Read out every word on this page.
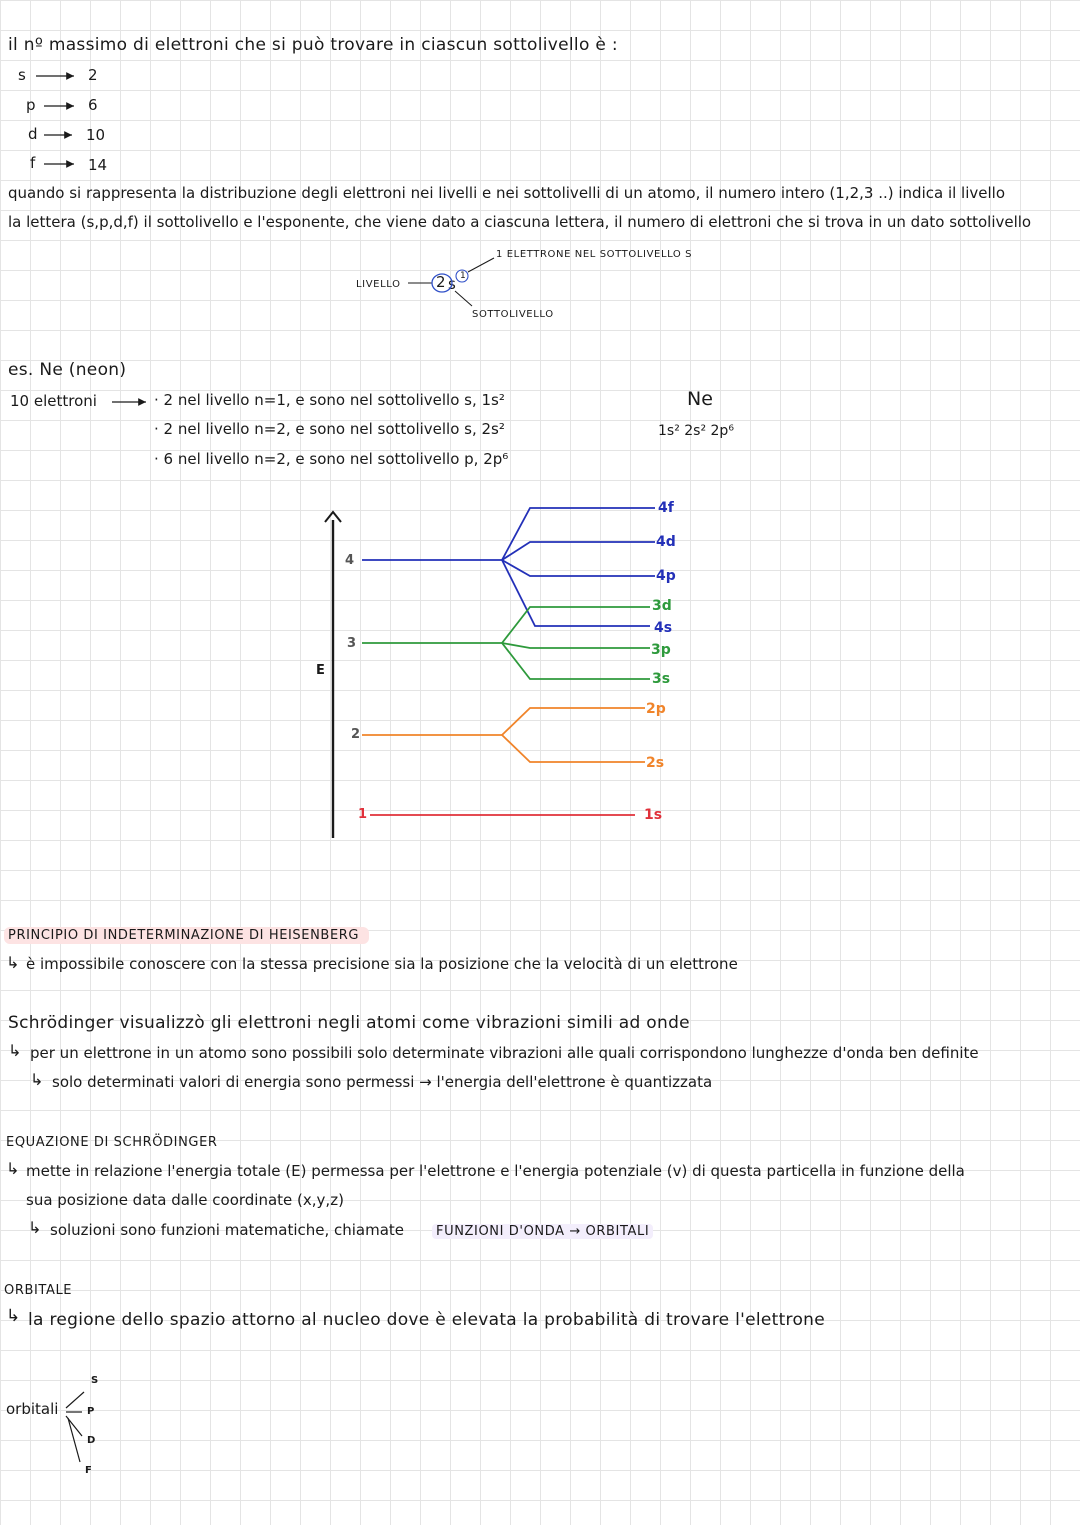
il nº massimo di elettroni che si può trovare in ciascun sottolivello è :
s	2
p	6
d	10
f	14
quando si rappresenta la distribuzione degli elettroni nei livelli e nei sottolivelli di un atomo, il numero intero (1,2,3 ..) indica il livello
la lettera (s,p,d,f) il sottolivello e l'esponente, che viene dato a ciascuna lettera, il numero di elettroni che si trova in un dato sottolivello
1 ELETTRONE NEL SOTTOLIVELLO S
LIVELLO
SOTTOLIVELLO
2 s 1
es. Ne (neon)
10 elettroni	· 2 nel livello n=1, e sono nel sottolivello s, 1s²
· 2 nel livello n=2, e sono nel sottolivello s, 2s²
· 6 nel livello n=2, e sono nel sottolivello p, 2p⁶
Ne
1s² 2s² 2p⁶
E
4
3
2
1
4f
4d
4p
3d
4s
3p
3s
2p
2s
1s
PRINCIPIO DI INDETERMINAZIONE DI HEISENBERG
↳ è impossibile conoscere con la stessa precisione sia la posizione che la velocità di un elettrone
Schrödinger visualizzò gli elettroni negli atomi come vibrazioni simili ad onde
↳ per un elettrone in un atomo sono possibili solo determinate vibrazioni alle quali corrispondono lunghezze d'onda ben definite
↳ solo determinati valori di energia sono permessi → l'energia dell'elettrone è quantizzata
EQUAZIONE DI SCHRÖDINGER
↳ mette in relazione l'energia totale (E) permessa per l'elettrone e l'energia potenziale (v) di questa particella in funzione della
sua posizione data dalle coordinate (x,y,z)
↳ soluzioni sono funzioni matematiche, chiamate	FUNZIONI D'ONDA → ORBITALI
ORBITALE
↳ la regione dello spazio attorno al nucleo dove è elevata la probabilità di trovare l'elettrone
orbitali
S
P
D
F
